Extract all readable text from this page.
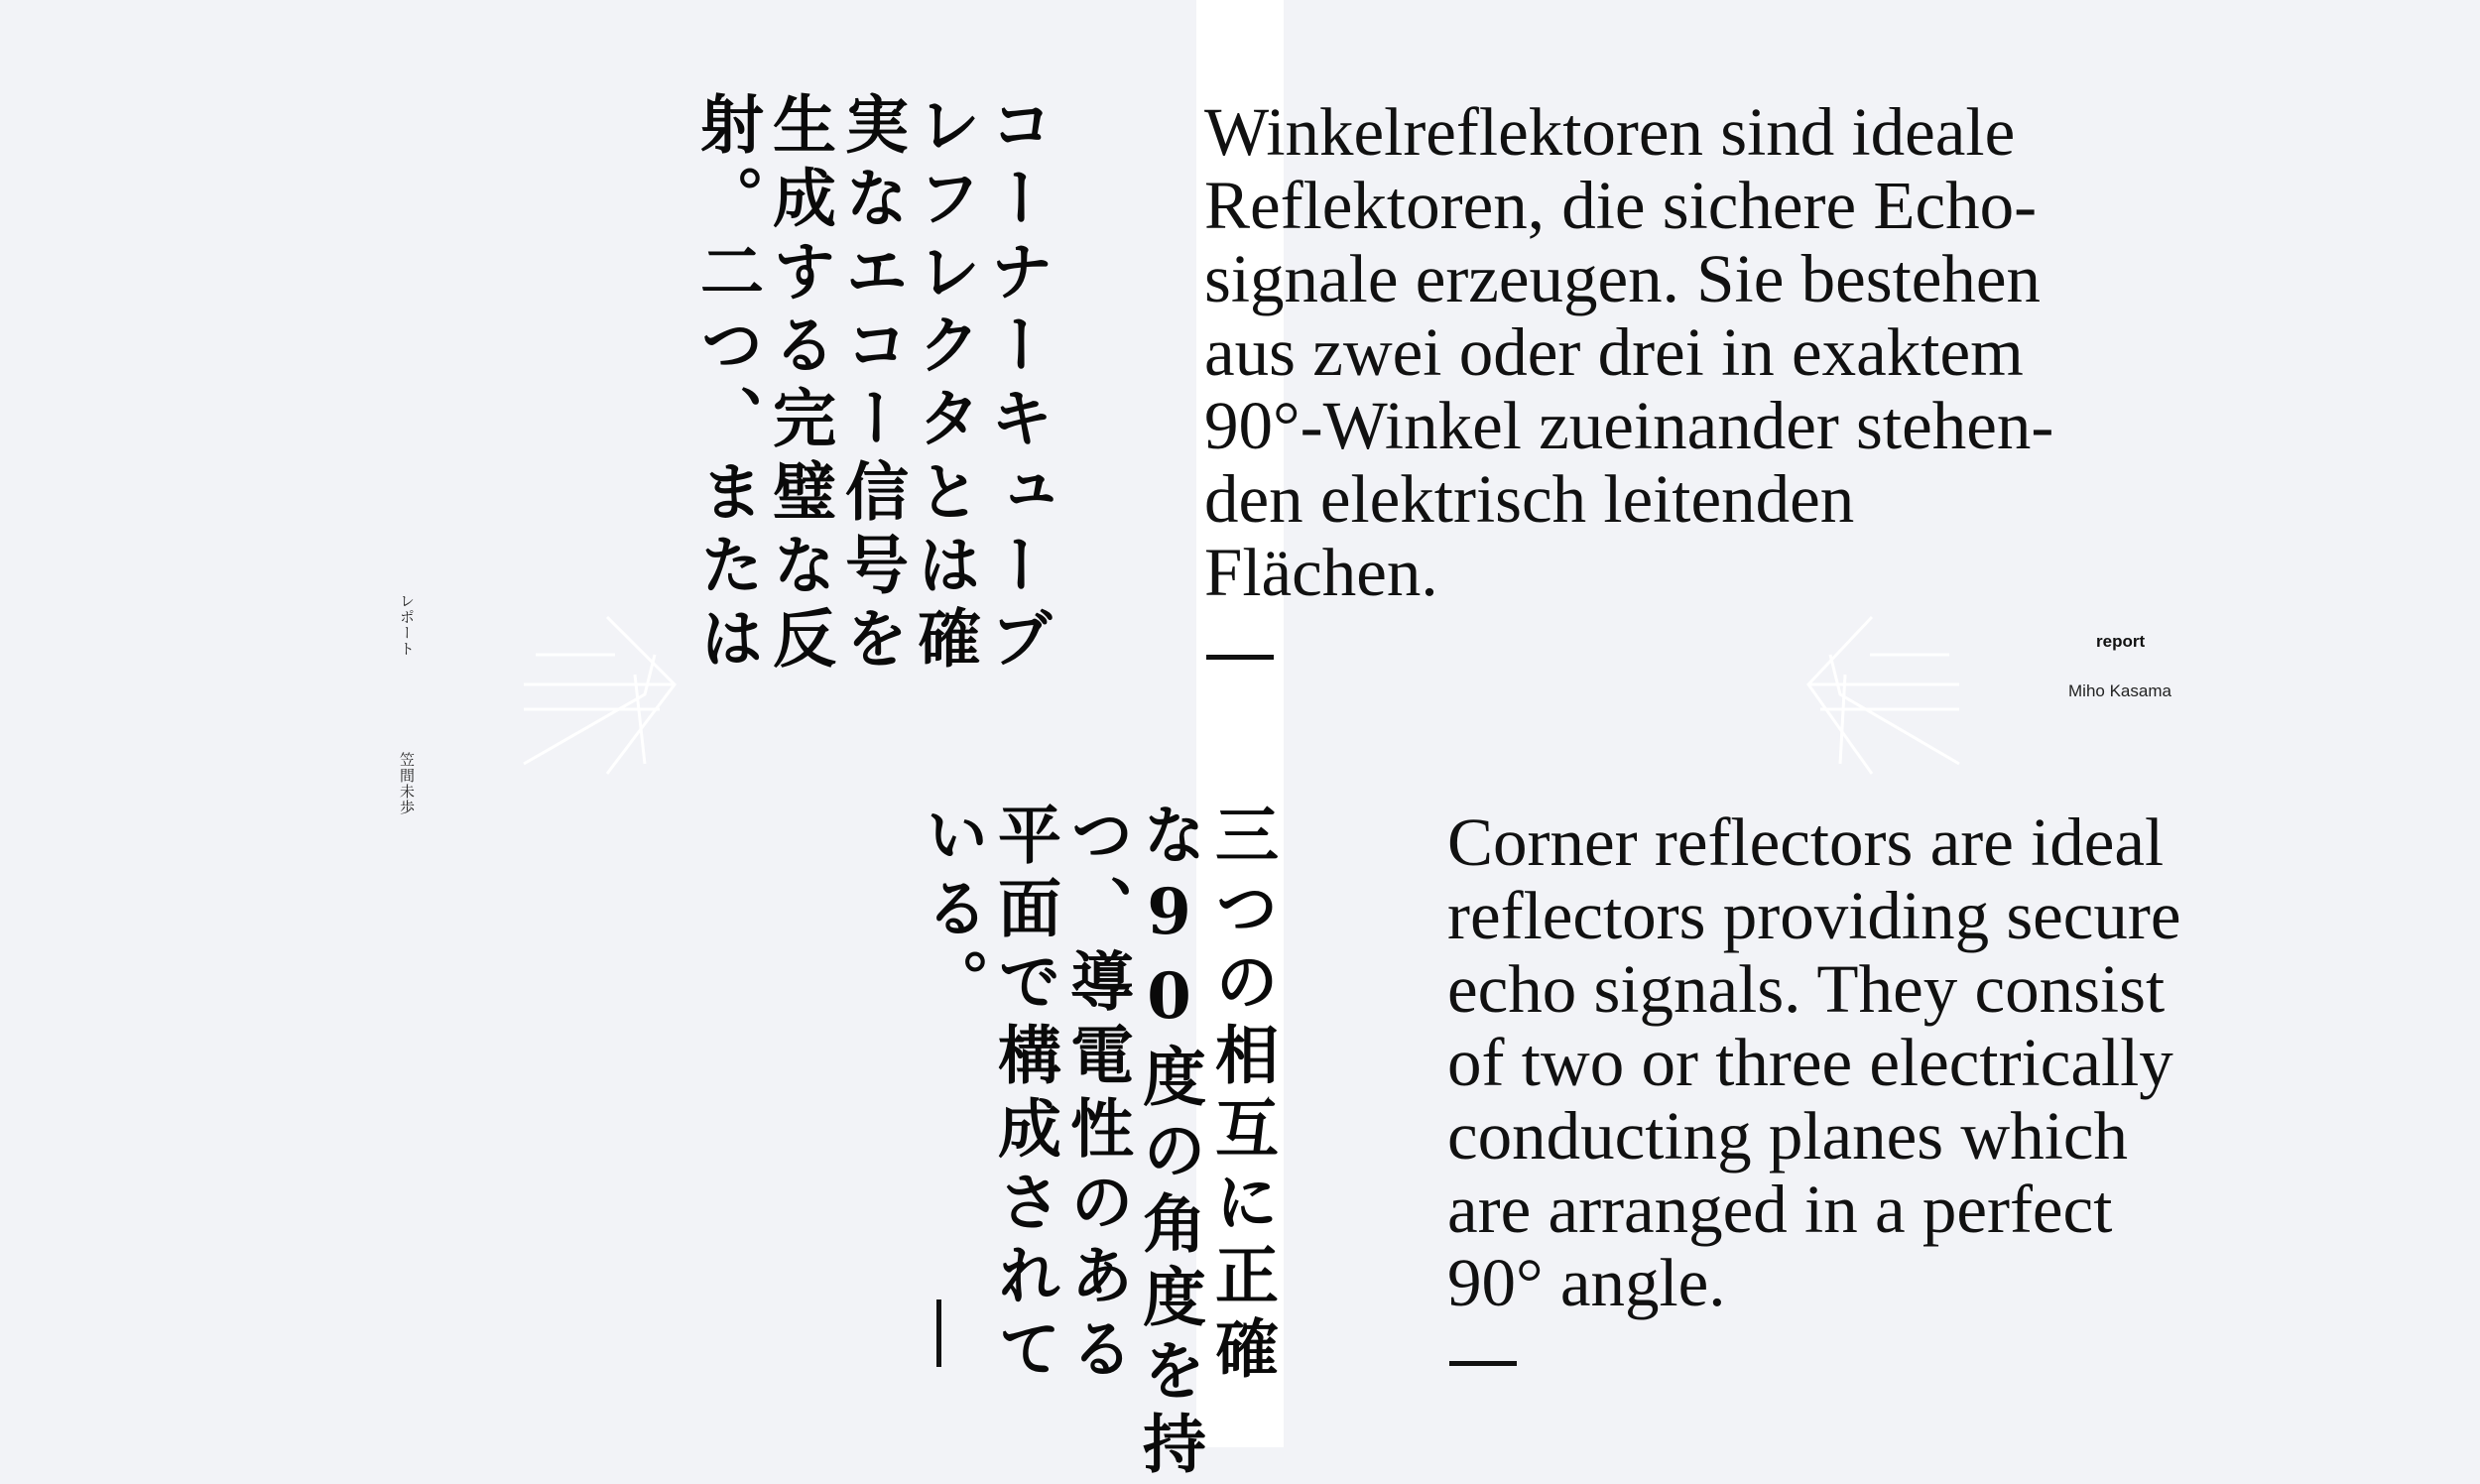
コーナーキューブ
レフレクタとは確
実なエコー信号を
生成する完璧な反
射。二つ、または
三つの相互に正確
な90度の角度を持
つ、導電性のある
平面で構成されて
いる。
Winkelreflektoren sind ideale
Reflektoren, die sichere Echo-
signale erzeugen. Sie bestehen
aus zwei oder drei in exaktem
90°-Winkel zueinander stehen-
den elektrisch leitenden
Flächen.
Corner reflectors are ideal
reflectors providing secure
echo signals. They consist
of two or three electrically
conducting planes which
are arranged in a perfect
90° angle.
レポート
笠間未歩
report
Miho Kasama
